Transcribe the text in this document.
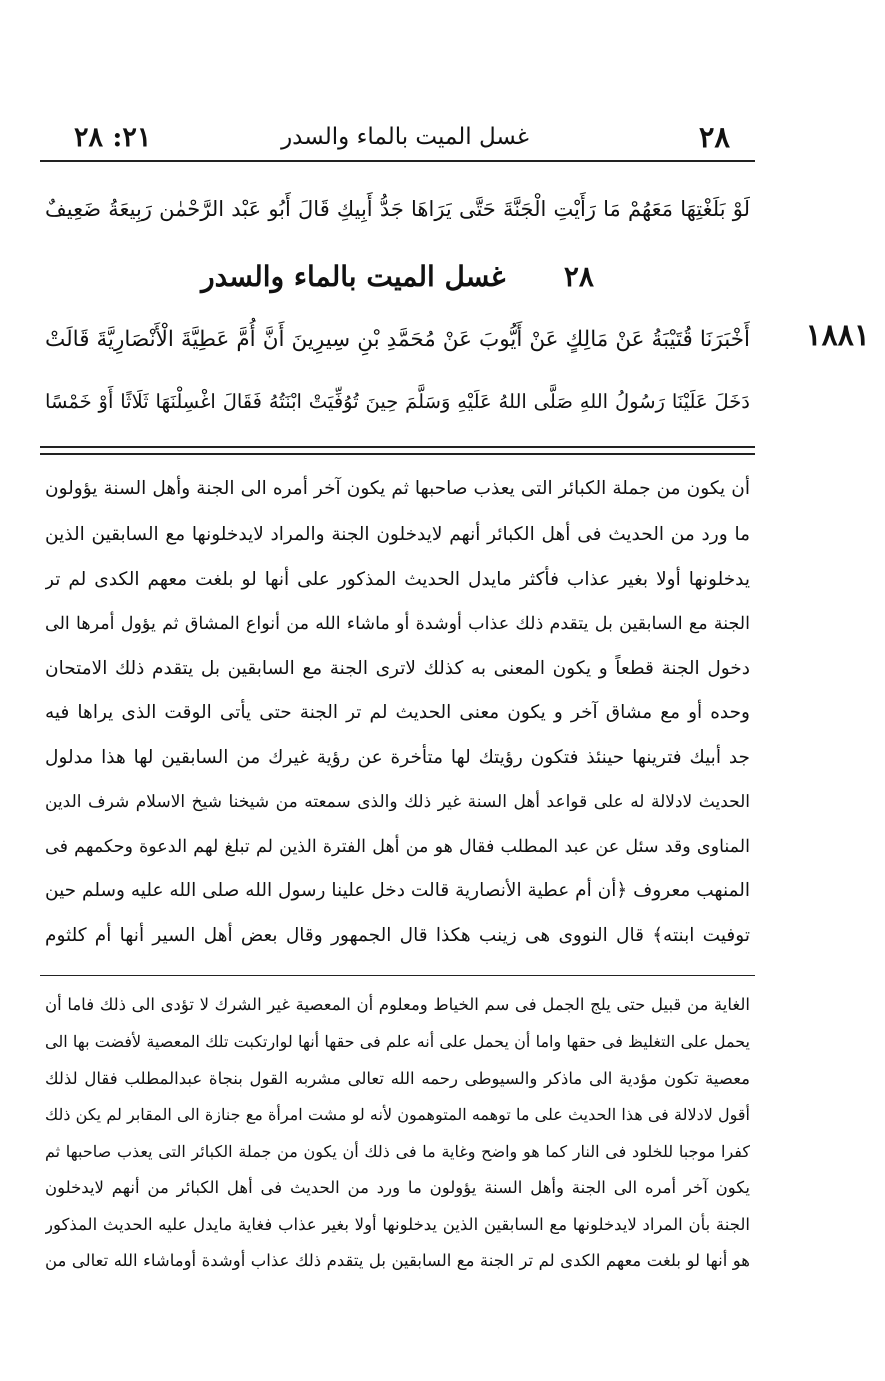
٢١: ٢٨	غسل الميت بالماء والسدر	٢٨
لَوْ بَلَغْتِهَا مَعَهُمْ مَا رَأَيْتِ الْجَنَّةَ حَتَّى يَرَاهَا جَدُّ أَبِيكِ قَالَ أَبُو عَبْد الرَّحْمٰن رَبِيعَةُ ضَعِيفٌ
٢٨      غسل الميت بالماء والسدر
١٨٨١
أَخْبَرَنَا قُتَيْبَةُ عَنْ مَالِكٍ عَنْ أَيُّوبَ عَنْ مُحَمَّدِ بْنِ سِيرِينَ أَنَّ أُمَّ عَطِيَّةَ الْأَنْصَارِيَّةَ قَالَتْ
دَخَلَ عَلَيْنَا رَسُولُ اللهِ صَلَّى اللهُ عَلَيْهِ وَسَلَّمَ حِينَ تُوُفِّيَتْ ابْنَتُهُ فَقَالَ اغْسِلْنَهَا ثَلَاثًا أَوْ خَمْسًا
أن يكون من جملة الكبائر التى يعذب صاحبها ثم يكون آخر أمره الى الجنة وأهل السنة يؤولون
ما ورد من الحديث فى أهل الكبائر أنهم لايدخلون الجنة والمراد لايدخلونها مع السابقين الذين
يدخلونها أولا بغير عذاب فأكثر مايدل الحديث المذكور على أنها لو بلغت معهم الكدى لم تر
الجنة مع السابقين بل يتقدم ذلك عذاب أوشدة أو ماشاء الله من أنواع المشاق ثم يؤول أمرها الى
دخول الجنة قطعاً و يكون المعنى به كذلك لاترى الجنة مع السابقين بل يتقدم ذلك الامتحان
وحده أو مع مشاق آخر و يكون معنى الحديث لم تر الجنة حتى يأتى الوقت الذى يراها فيه
جد أبيك فترينها حينئذ فتكون رؤيتك لها متأخرة عن رؤية غيرك من السابقين لها هذا مدلول
الحديث لادلالة له على قواعد أهل السنة غير ذلك والذى سمعته من شيخنا شيخ الاسلام شرف الدين
المناوى وقد سئل عن عبد المطلب فقال هو من أهل الفترة الذين لم تبلغ لهم الدعوة وحكمهم فى
المنهب معروف ﴿أن أم عطية الأنصارية قالت دخل علينا رسول الله صلى الله عليه وسلم حين
توفيت ابنته﴾ قال النووى هى زينب هكذا قال الجمهور وقال بعض أهل السير أنها أم كلثوم
الغاية من قبيل حتى يلج الجمل فى سم الخياط ومعلوم أن المعصية غير الشرك لا تؤدى الى ذلك فاما أن
يحمل على التغليظ فى حقها واما أن يحمل على أنه علم فى حقها أنها لوارتكبت تلك المعصية لأفضت بها الى
معصية تكون مؤدية الى ماذكر والسيوطى رحمه الله تعالى مشربه القول بنجاة عبدالمطلب فقال لذلك
أقول لادلالة فى هذا الحديث على ما توهمه المتوهمون لأنه لو مشت امرأة مع جنازة الى المقابر لم يكن ذلك
كفرا موجبا للخلود فى النار كما هو واضح وغاية ما فى ذلك أن يكون من جملة الكبائر التى يعذب صاحبها ثم
يكون آخر أمره الى الجنة وأهل السنة يؤولون ما ورد من الحديث فى أهل الكبائر من أنهم لايدخلون
الجنة بأن المراد لايدخلونها مع السابقين الذين يدخلونها أولا بغير عذاب فغاية مايدل عليه الحديث المذكور
هو أنها لو بلغت معهم الكدى لم تر الجنة مع السابقين بل يتقدم ذلك عذاب أوشدة أوماشاء الله تعالى من
